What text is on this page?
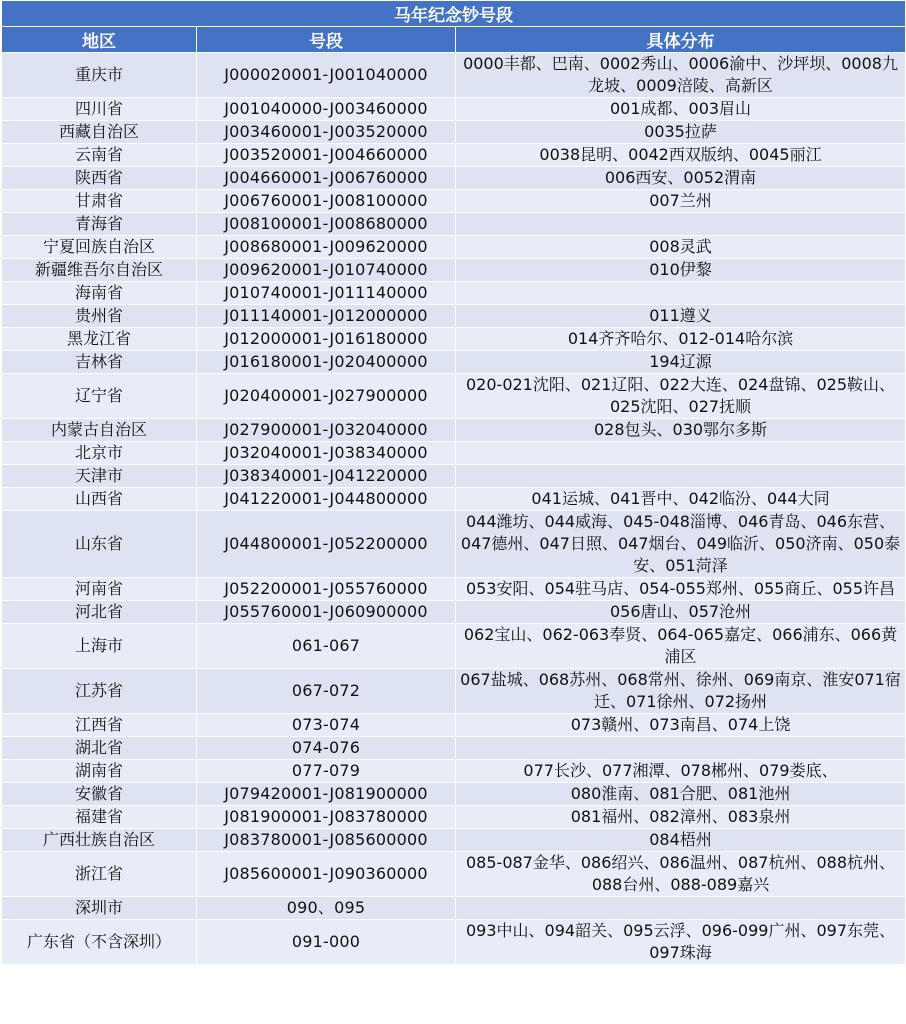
马年纪念钞号段		
地区	号段	具体分布
重庆市	J000020001-J001040000	0000丰都、巴南、0002秀山、0006渝中、沙坪坝、0008九龙坡、0009涪陵、高新区
四川省	J001040000-J003460000	001成都、003眉山
西藏自治区	J003460001-J003520000	0035拉萨
云南省	J003520001-J004660000	0038昆明、0042西双版纳、0045丽江
陕西省	J004660001-J006760000	006西安、0052渭南
甘肃省	J006760001-J008100000	007兰州
青海省	J008100001-J008680000	
宁夏回族自治区	J008680001-J009620000	008灵武
新疆维吾尔自治区	J009620001-J010740000	010伊黎
海南省	J010740001-J011140000	
贵州省	J011140001-J012000000	011遵义
黑龙江省	J012000001-J016180000	014齐齐哈尔、012-014哈尔滨
吉林省	J016180001-J020400000	194辽源
辽宁省	J020400001-J027900000	020-021沈阳、021辽阳、022大连、024盘锦、025鞍山、025沈阳、027抚顺
内蒙古自治区	J027900001-J032040000	028包头、030鄂尔多斯
北京市	J032040001-J038340000	
天津市	J038340001-J041220000	
山西省	J041220001-J044800000	041运城、041晋中、042临汾、044大同
山东省	J044800001-J052200000	044潍坊、044威海、045-048淄博、046青岛、046东营、047德州、047日照、047烟台、049临沂、050济南、050泰安、051菏泽
河南省	J052200001-J055760000	053安阳、054驻马店、054-055郑州、055商丘、055许昌
河北省	J055760001-J060900000	056唐山、057沧州
上海市	061-067	062宝山、062-063奉贤、064-065嘉定、066浦东、066黄浦区
江苏省	067-072	067盐城、068苏州、068常州、徐州、069南京、淮安071宿迁、071徐州、072扬州
江西省	073-074	073赣州、073南昌、074上饶
湖北省	074-076	
湖南省	077-079	077长沙、077湘潭、078郴州、079娄底、
安徽省	J079420001-J081900000	080淮南、081合肥、081池州
福建省	J081900001-J083780000	081福州、082漳州、083泉州
广西壮族自治区	J083780001-J085600000	084梧州
浙江省	J085600001-J090360000	085-087金华、086绍兴、086温州、087杭州、088杭州、088台州、088-089嘉兴
深圳市	090、095	
广东省（不含深圳）	091-000	093中山、094韶关、095云浮、096-099广州、097东莞、097珠海
